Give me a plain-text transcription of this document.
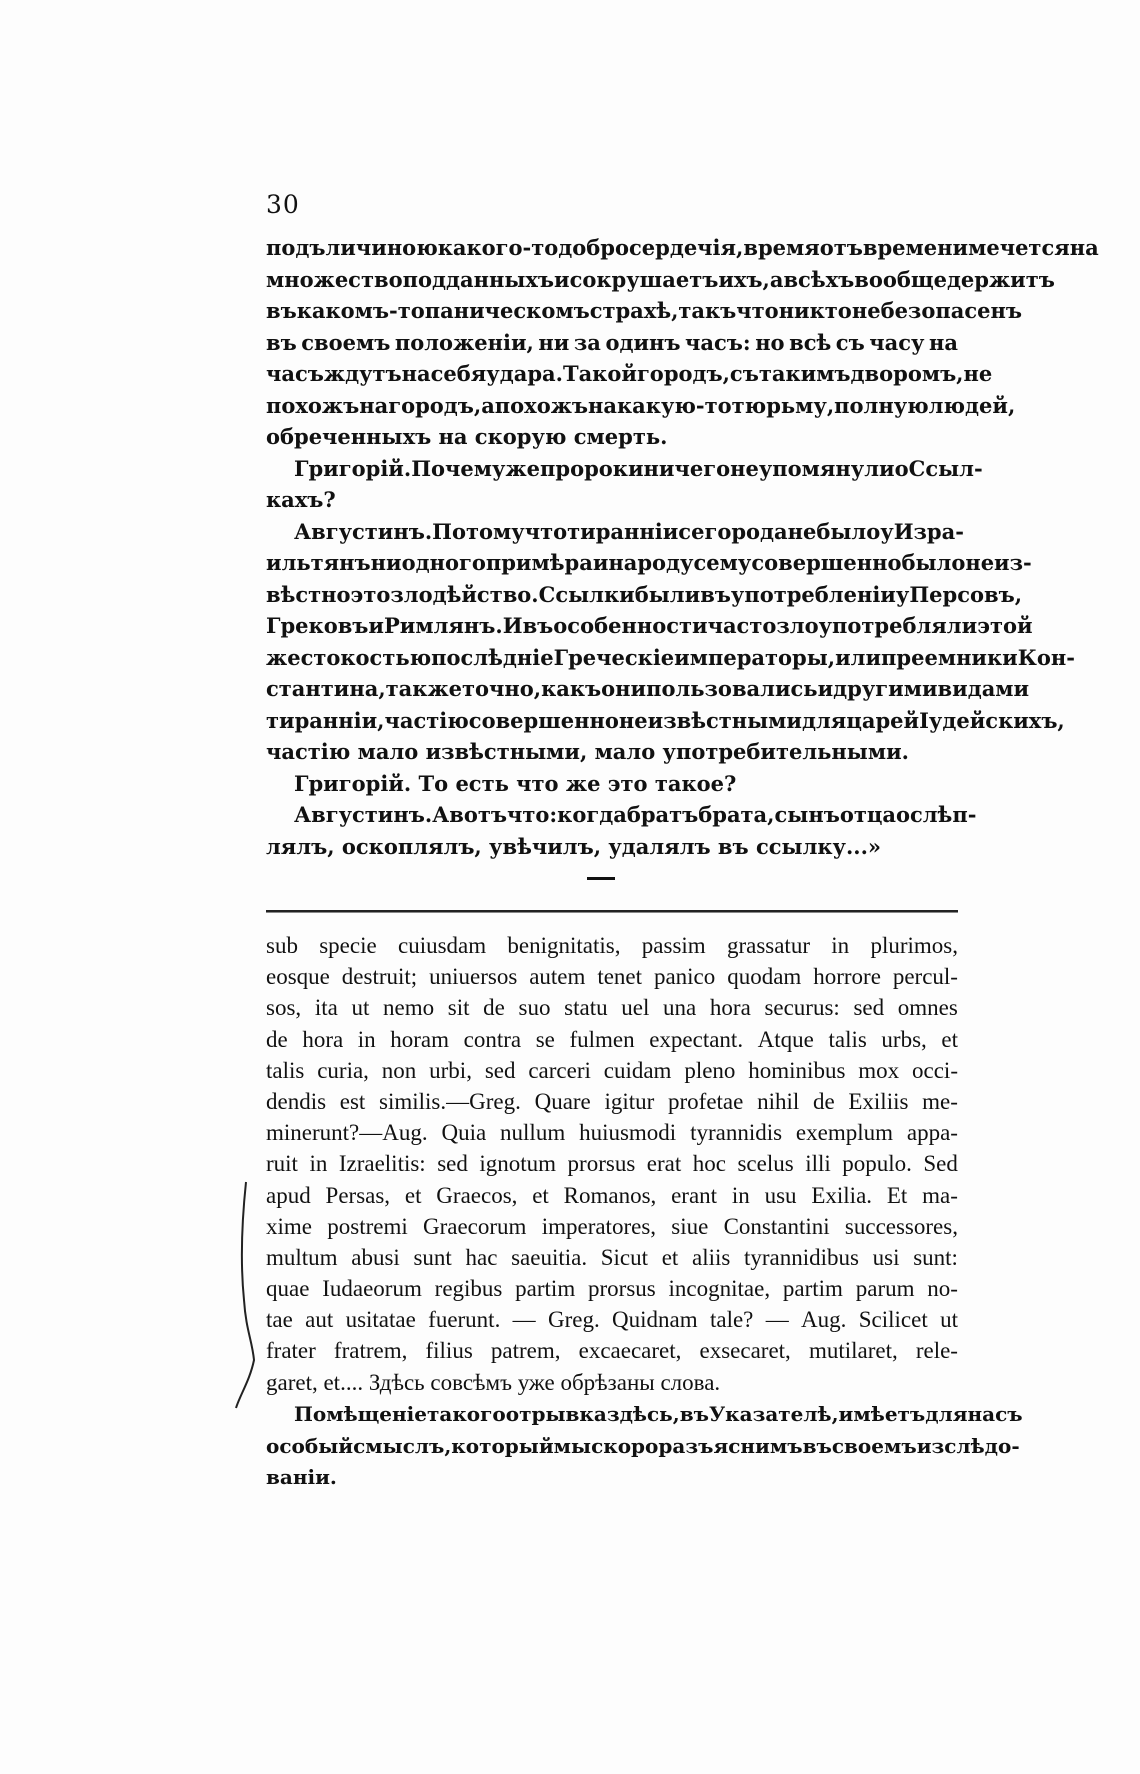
30
подъ личиною какого-то добросердечія, время отъ времени мечется на
множество подданныхъ и сокрушаетъ ихъ, а всѣхъ вообще держитъ
въ какомъ-то паническомъ страхѣ, такъ что никто не безопасенъ
въ своемъ положеніи, ни за одинъ часъ: но всѣ съ часу на
часъ ждутъ на себя удара. Такой городъ, съ такимъ дворомъ, не
похожъ на городъ, а похожъ на какую-то тюрьму, полную людей,
обреченныхъ на скорую смерть.
Григорій. Почему же пророки ничего не упомянули о Ссыл-
кахъ?
Августинъ. Потому что тиранніи сего рода не было у Изра-
ильтянъ ни одного примѣра и народу сему совершенно было неиз-
вѣстно это злодѣйство. Ссылки были въ употребленіи у Персовъ,
Грековъ и Римлянъ. И въ особенности часто злоупотребляли этой
жестокостью послѣдніе Греческіе императоры, или преемники Кон-
стантина, также точно, какъ они пользовались и другими видами
тиранніи, частію совершенно неизвѣстными для царей Іудейскихъ,
частію мало извѣстными, мало употребительными.
Григорій. То есть что же это такое?
Августинъ. А вотъ что: когда братъ брата, сынъ отца ослѣп-
лялъ, оскоплялъ, увѣчилъ, удалялъ въ ссылку...»
sub specie cuiusdam benignitatis, passim grassatur in plurimos,
eosque destruit; uniuersos autem tenet panico quodam horrore percul-
sos, ita ut nemo sit de suo statu uel una hora securus: sed omnes
de hora in horam contra se fulmen expectant. Atque talis urbs, et
talis curia, non urbi, sed carceri cuidam pleno hominibus mox occi-
dendis est similis.—Greg. Quare igitur profetae nihil de Exiliis me-
minerunt?—Aug. Quia nullum huiusmodi tyrannidis exemplum appa-
ruit in Izraelitis: sed ignotum prorsus erat hoc scelus illi populo. Sed
apud Persas, et Graecos, et Romanos, erant in usu Exilia. Et ma-
xime postremi Graecorum imperatores, siue Constantini successores,
multum abusi sunt hac saeuitia. Sicut et aliis tyrannidibus usi sunt:
quae Iudaeorum regibus partim prorsus incognitae, partim parum no-
tae aut usitatae fuerunt. — Greg. Quidnam tale? — Aug. Scilicet ut
frater fratrem, filius patrem, excaecaret, exsecaret, mutilaret, rele-
garet, et.... Здѣсь совсѣмъ уже обрѣзаны слова.
Помѣщеніе такого отрывка здѣсь, въ Указателѣ, имѣетъ для насъ
особый смыслъ, который мы скоро разъяснимъ въ своемъ изслѣдо-
ваніи.
